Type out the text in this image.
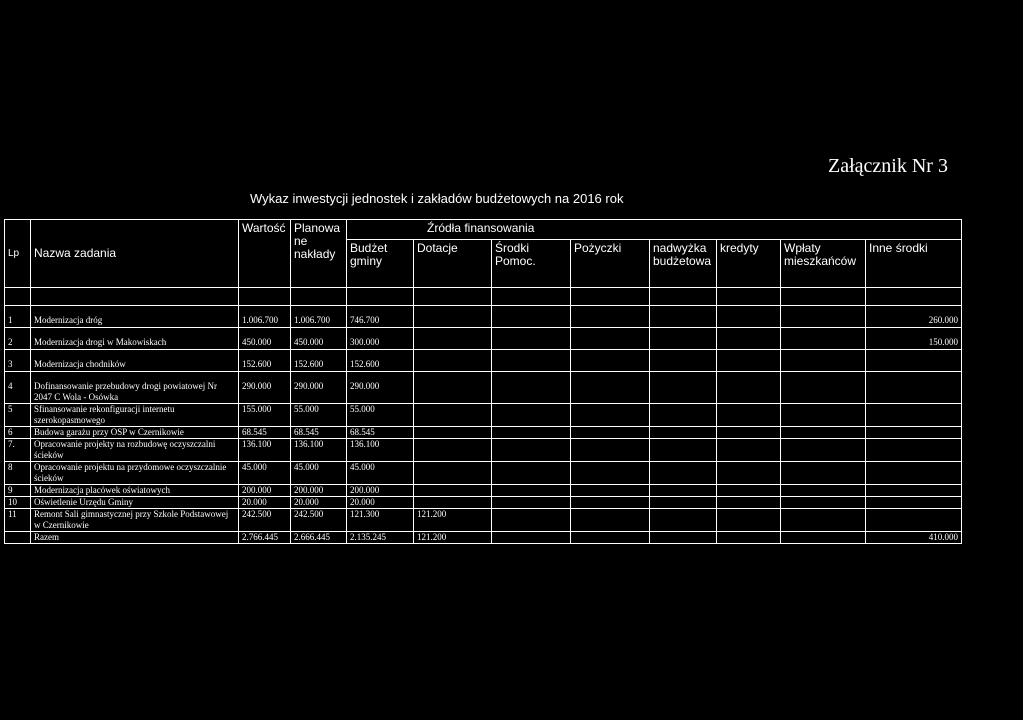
Załącznik Nr 3
Wykaz inwestycji jednostek i zakładów budżetowych na 2016 rok
Lp	Nazwa zadania	Wartość	Planowa ne nakłady	Źródła finansowania							
				Budżet gminy	Dotacje	Środki Pomoc.	Pożyczki	nadwyżka budżetowa	kredyty	Wpłaty mieszkańców	Inne środki

1	Modernizacja dróg	1.006.700	1.006.700	746.700							260.000
2	Modernizacja drogi w Makowiskach	450.000	450.000	300.000							150.000
3	Modernizacja chodników	152.600	152.600	152.600							
4	Dofinansowanie przebudowy drogi powiatowej Nr 2047 C Wola - Osówka	290.000	290.000	290.000							
5	Sfinansowanie rekonfiguracji internetu szerokopasmowego	155.000	55.000	55.000							
6	Budowa garażu przy OSP w Czernikowie	68.545	68.545	68.545							
7.	Opracowanie projekty na rozbudowę oczyszczalni ścieków	136.100	136.100	136.100							
8	Opracowanie projektu na przydomowe oczyszczalnie ścieków	45.000	45.000	45.000							
9	Modernizacja placówek oświatowych	200.000	200.000	200.000							
10	Oświetlenie Urzędu Gminy	20.000	20.000	20.000							
11	Remont Sali gimnastycznej przy Szkole Podstawowej w Czernikowie	242.500	242.500	121.300	121.200						
	Razem	2.766.445	2.666.445	2.135.245	121.200						410.000
